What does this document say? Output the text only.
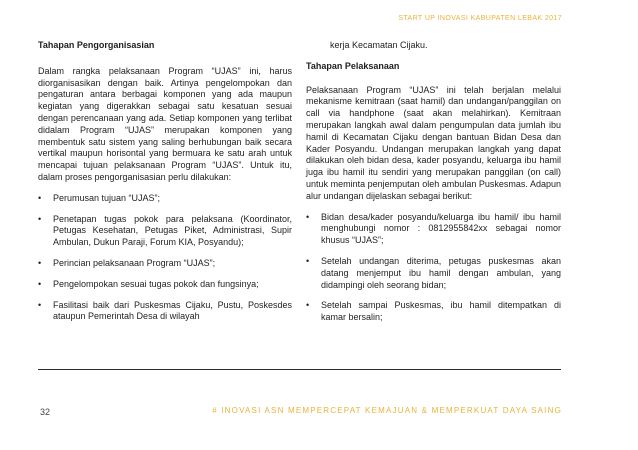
START UP INOVASI KABUPATEN LEBAK 2017
Tahapan Pengorganisasian

Dalam rangka pelaksanaan Program “UJAS” ini, harus diorganisasikan dengan baik. Artinya pengelompokan dan pengaturan antara berbagai komponen yang ada maupun kegiatan yang digerakkan sebagai satu kesatuan sesuai dengan perencanaan yang ada. Setiap komponen yang terlibat didalam Program “UJAS” merupakan komponen yang membentuk satu sistem yang saling berhubungan baik secara vertikal maupun horisontal yang bermuara ke satu arah untuk mencapai tujuan pelaksanaan Program “UJAS”. Untuk itu, dalam proses pengorganisasian perlu dilakukan:

• Perumusan tujuan “UJAS”;
• Penetapan tugas pokok para pelaksana (Koordinator, Petugas Kesehatan, Petugas Piket, Administrasi, Supir Ambulan, Dukun Paraji, Forum KIA, Posyandu);
• Perincian pelaksanaan Program “UJAS”;
• Pengelompokan sesuai tugas pokok dan fungsinya;
• Fasilitasi baik dari Puskesmas Cijaku, Pustu, Poskesdes ataupun Pemerintah Desa di wilayah

kerja Kecamatan Cijaku.

Tahapan Pelaksanaan

Pelaksanaan Program “UJAS” ini telah berjalan melalui mekanisme kemitraan (saat hamil) dan undangan/panggilan on call via handphone (saat akan melahirkan). Kemitraan merupakan langkah awal dalam pengumpulan data jumlah ibu hamil di Kecamatan Cijaku dengan bantuan Bidan Desa dan Kader Posyandu. Undangan merupakan langkah yang dapat dilakukan oleh bidan desa, kader posyandu, keluarga ibu hamil juga ibu hamil itu sendiri yang merupakan panggilan (on call) untuk meminta penjemputan oleh ambulan Puskesmas. Adapun alur undangan dijelaskan sebagai berikut:

• Bidan desa/kader posyandu/keluarga ibu hamil/ ibu hamil menghubungi nomor : 0812955842xx sebagai nomor khusus “UJAS”;
• Setelah undangan diterima, petugas puskesmas akan datang menjemput ibu hamil dengan ambulan, yang didampingi oleh seorang bidan;
• Setelah sampai Puskesmas, ibu hamil ditempatkan di kamar bersalin;
32	# INOVASI ASN MEMPERCEPAT KEMAJUAN & MEMPERKUAT DAYA SAING
